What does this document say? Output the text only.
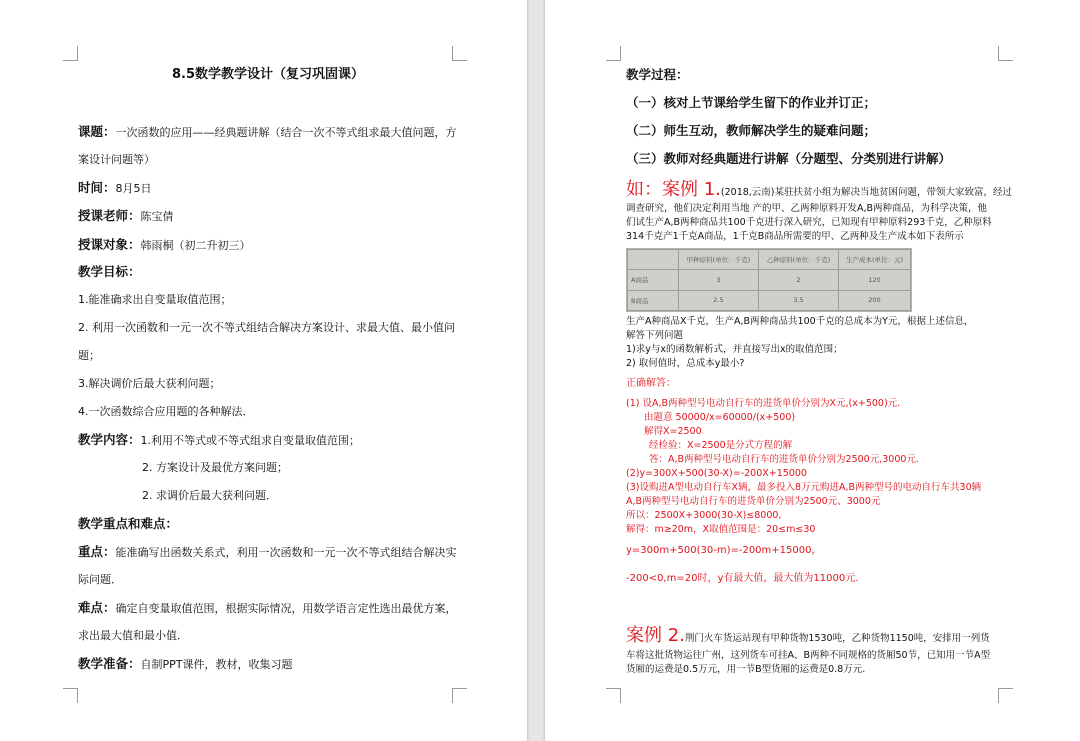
8.5数学教学设计（复习巩固课）
课题：一次函数的应用——经典题讲解（结合一次不等式组求最大值问题，方
案设计问题等）
时间：8月5日
授课老师：陈宝倩
授课对象：韩雨桐（初二升初三）
教学目标：
1.能准确求出自变量取值范围；
2. 利用一次函数和一元一次不等式组结合解决方案设计、求最大值、最小值问
题；
3.解决调价后最大获利问题；
4.一次函数综合应用题的各种解法．
教学内容：1.利用不等式或不等式组求自变量取值范围；
2. 方案设计及最优方案问题；
2. 求调价后最大获利问题．
教学重点和难点：
重点：能准确写出函数关系式，利用一次函数和一元一次不等式组结合解决实
际问题．
难点：确定自变量取值范围，根据实际情况，用数学语言定性选出最优方案，
求出最大值和最小值．
教学准备：自制PPT课件，教材，收集习题
教学过程：
（一）核对上节课给学生留下的作业并订正；
（二）师生互动，教师解决学生的疑难问题；
（三）教师对经典题进行讲解（分题型、分类别进行讲解）
如：案例 1.(2018,云南)某驻扶贫小组为解决当地贫困问题，带领大家致富，经过
调查研究，他们决定利用当地 产的甲、乙两种原料开发A,B两种商品，为科学决策，他
们试生产A,B两种商品共100千克进行深入研究，已知现有甲种原料293千克，乙种原料
314千克产1千克A商品，1千克B商品所需要的甲、乙两种及生产成本如下表所示
	甲种原料(单位：千克)	乙种原料(单位：千克)	生产成本(单位：元)
A商品	3	2	120
B商品	2.5	3.5	200
生产A种商品X千克，生产A,B两种商品共100千克的总成本为Y元，根据上述信息，
解答下列问题
1)求y与x的函数解析式，并直接写出x的取值范围；
2) 取何值时，总成本y最小?
正确解答：
(1) 设A,B两种型号电动自行车的进货单价分别为X元,(x+500)元.
由题意 50000/x=60000/(x+500)
解得X=2500
经检验：X=2500是分式方程的解
答：A,B两种型号电动自行车的进货单价分别为2500元,3000元.
(2)y=300X+500(30-X)=-200X+15000
(3)设购进A型电动自行车X辆，最多投入8万元购进A,B两种型号的电动自行车共30辆
A,B两种型号电动自行车的进货单价分别为2500元、3000元
所以：2500X+3000(30-X)≤8000,
解得：m≥20m，X取值范围是：20≤m≤30
y=300m+500(30-m)=-200m+15000，
-200<0,m=20时，y有最大值，最大值为11000元.
案例 2.荆门火车货运站现有甲种货物1530吨，乙种货物1150吨，安排用一列货
车将这批货物运往广州，这列货车可挂A、B两种不同规格的货厢50节，已知用一节A型
货厢的运费是0.5万元，用一节B型货厢的运费是0.8万元.
